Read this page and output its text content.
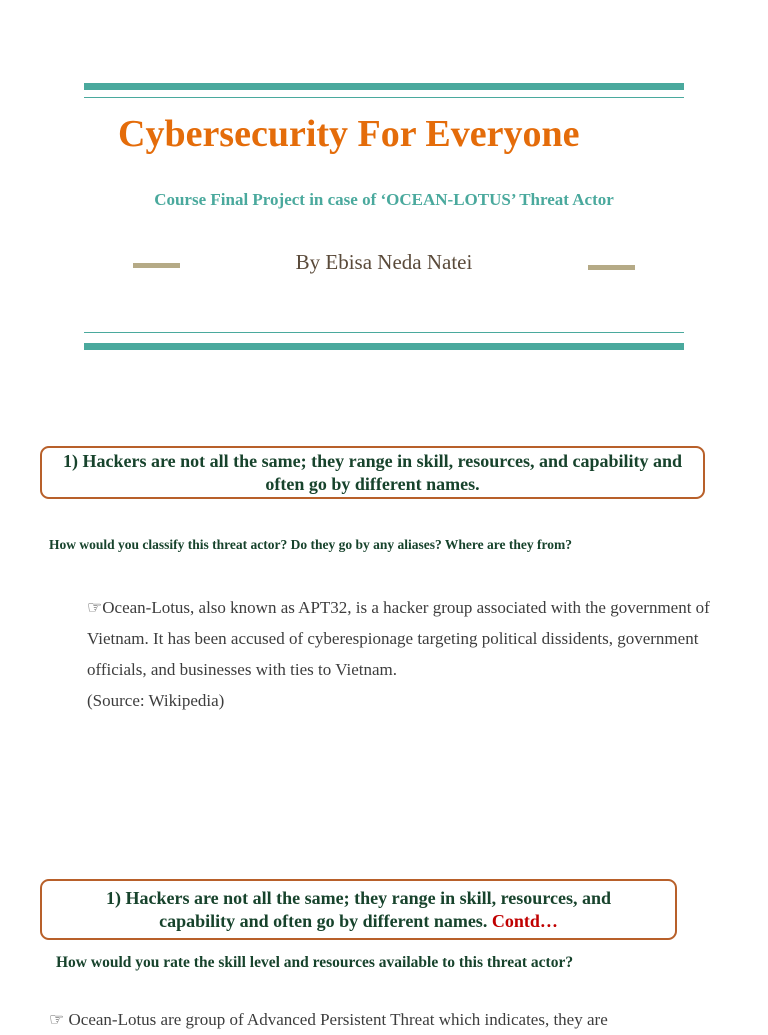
Cybersecurity For Everyone
Course Final Project in case of ‘OCEAN-LOTUS’ Threat Actor
By Ebisa Neda Natei
1) Hackers are not all the same; they range in skill, resources, and capability and often go by different names.
How would you classify this threat actor? Do they go by any aliases? Where are they from?
☞Ocean-Lotus, also known as APT32, is a hacker group associated with the government of
Vietnam. It has been accused of cyberespionage targeting political dissidents, government
officials, and businesses with ties to Vietnam.
(Source: Wikipedia)
1) Hackers are not all the same; they range in skill, resources, and
capability and often go by different names. Contd…
How would you rate the skill level and resources available to this threat actor?
☞ Ocean-Lotus are group of Advanced Persistent Threat which indicates, they are
